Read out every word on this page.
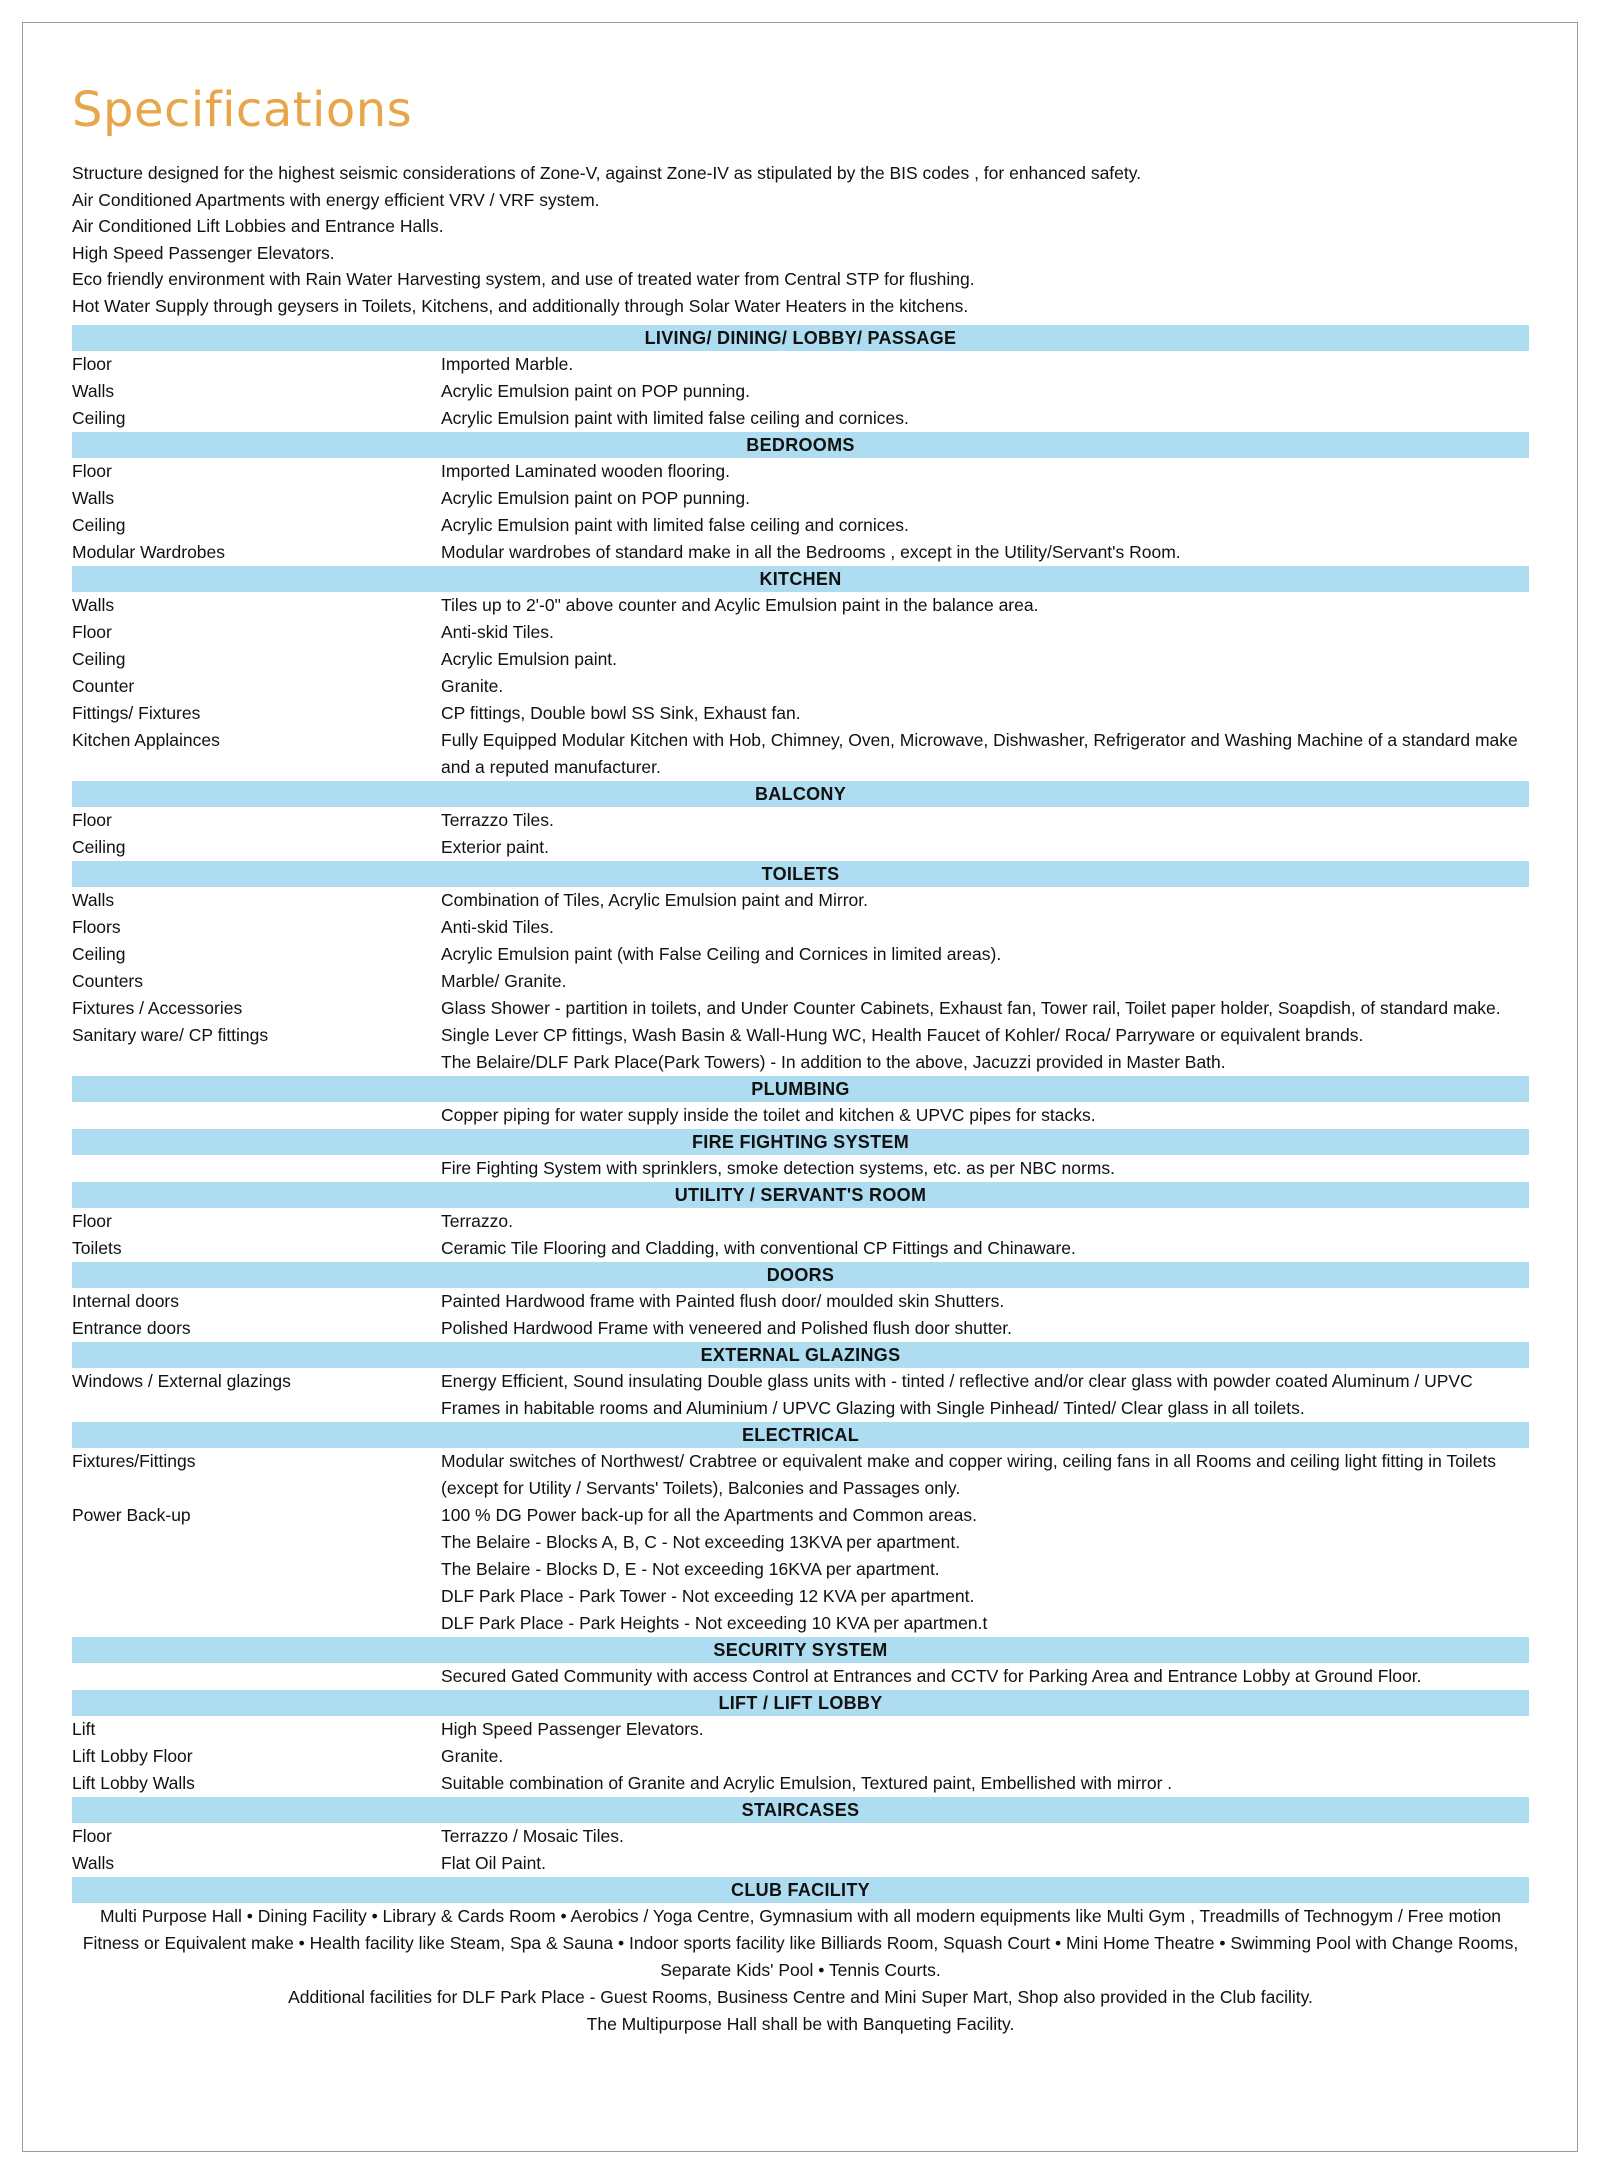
Specifications

Structure designed for the highest seismic considerations of Zone-V, against Zone-IV as stipulated by the BIS codes , for enhanced safety.

Air Conditioned Apartments with energy efficient VRV / VRF system.

Air Conditioned Lift Lobbies and Entrance Halls.

High Speed Passenger Elevators.

Eco friendly environment with Rain Water Harvesting system, and use of treated water from Central STP for flushing.

Hot Water Supply through geysers in Toilets, Kitchens, and additionally through Solar Water Heaters in the kitchens.

LIVING/ DINING/ LOBBY/ PASSAGE
Floor	Imported Marble.
Walls	Acrylic Emulsion paint on POP punning.
Ceiling	Acrylic Emulsion paint with limited false ceiling and cornices.
BEDROOMS
Floor	Imported Laminated wooden flooring.
Walls	Acrylic Emulsion paint on POP punning.
Ceiling	Acrylic Emulsion paint with limited false ceiling and cornices.
Modular Wardrobes	Modular wardrobes of standard make in all the Bedrooms , except in the Utility/Servant's Room.
KITCHEN
Walls	Tiles up to 2'-0" above counter and Acylic Emulsion paint in the balance area.
Floor	Anti-skid Tiles.
Ceiling	Acrylic Emulsion paint.
Counter	Granite.
Fittings/ Fixtures	CP fittings, Double bowl SS Sink, Exhaust fan.
Kitchen Applainces	Fully Equipped Modular Kitchen with Hob, Chimney, Oven, Microwave, Dishwasher, Refrigerator and Washing Machine of a standard make and a reputed manufacturer.
BALCONY
Floor	Terrazzo Tiles.
Ceiling	Exterior paint.
TOILETS
Walls	Combination of Tiles, Acrylic Emulsion paint and Mirror.
Floors	Anti-skid Tiles.
Ceiling	Acrylic Emulsion paint (with False Ceiling and Cornices in limited areas).
Counters	Marble/ Granite.
Fixtures / Accessories	Glass Shower - partition in toilets, and Under Counter Cabinets, Exhaust fan, Tower rail, Toilet paper holder, Soapdish, of standard make.
Sanitary ware/ CP fittings	Single Lever CP fittings, Wash Basin & Wall-Hung WC, Health Faucet of Kohler/ Roca/ Parryware or equivalent brands.
The Belaire/DLF Park Place(Park Towers) - In addition to the above, Jacuzzi provided in Master Bath.
PLUMBING
Copper piping for water supply inside the toilet and kitchen & UPVC pipes for stacks.
FIRE FIGHTING SYSTEM
Fire Fighting System with sprinklers, smoke detection systems, etc. as per NBC norms.
UTILITY / SERVANT'S ROOM
Floor	Terrazzo.
Toilets	Ceramic Tile Flooring and Cladding, with conventional CP Fittings and Chinaware.
DOORS
Internal doors	Painted Hardwood frame with Painted flush door/ moulded skin Shutters.
Entrance doors	Polished Hardwood Frame with veneered and Polished flush door shutter.
EXTERNAL GLAZINGS
Windows / External glazings	Energy Efficient, Sound insulating Double glass units with - tinted / reflective and/or clear glass with powder coated Aluminum / UPVC Frames in habitable rooms and Aluminium / UPVC Glazing with Single Pinhead/ Tinted/ Clear glass in all toilets.
ELECTRICAL
Fixtures/Fittings	Modular switches of Northwest/ Crabtree or equivalent make and copper wiring, ceiling fans in all Rooms and ceiling light fitting in Toilets (except for Utility / Servants' Toilets), Balconies and Passages only.
Power Back-up	100 % DG Power back-up for all the Apartments and Common areas.
The Belaire - Blocks A, B, C - Not exceeding 13KVA per apartment.
The Belaire - Blocks D, E - Not exceeding 16KVA per apartment.
DLF Park Place - Park Tower - Not exceeding 12 KVA per apartment.
DLF Park Place - Park Heights - Not exceeding 10 KVA per apartmen.t
SECURITY SYSTEM
Secured Gated Community with access Control at Entrances and CCTV for Parking Area and Entrance Lobby at Ground Floor.
LIFT / LIFT LOBBY
Lift	High Speed Passenger Elevators.
Lift Lobby Floor	Granite.
Lift Lobby Walls	Suitable combination of Granite and Acrylic Emulsion, Textured paint, Embellished with mirror .
STAIRCASES
Floor	Terrazzo / Mosaic Tiles.
Walls	Flat Oil Paint.
CLUB FACILITY

Multi Purpose Hall • Dining Facility • Library & Cards Room • Aerobics / Yoga Centre, Gymnasium with all modern equipments like Multi Gym , Treadmills of Technogym / Free motion Fitness or Equivalent make • Health facility like Steam, Spa & Sauna • Indoor sports facility like Billiards Room, Squash Court • Mini Home Theatre • Swimming Pool with Change Rooms, Separate Kids' Pool • Tennis Courts.

Additional facilities for DLF Park Place - Guest Rooms, Business Centre and Mini Super Mart, Shop also provided in the Club facility.

The Multipurpose Hall shall be with Banqueting Facility.
